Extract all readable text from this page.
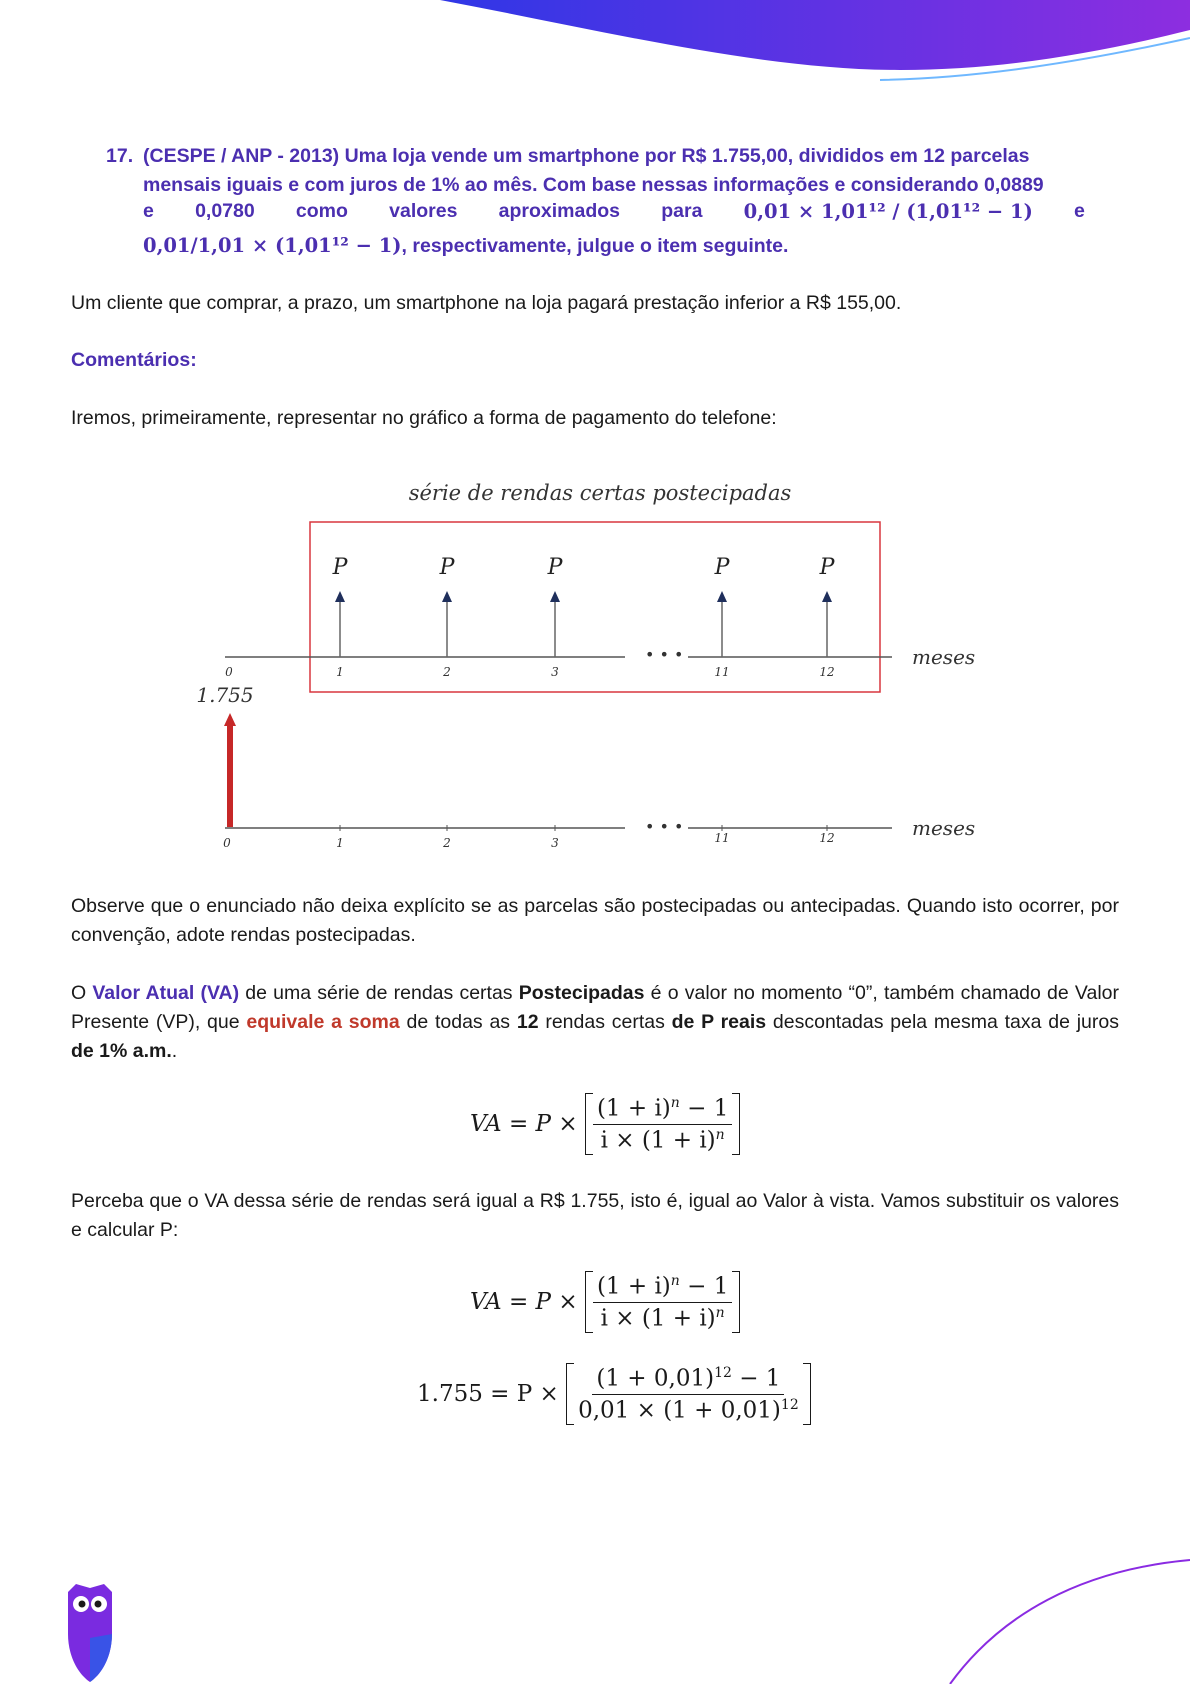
17. (CESPE / ANP - 2013) Uma loja vende um smartphone por R$ 1.755,00, divididos em 12 parcelas
mensais iguais e com juros de 1% ao mês. Com base nessas informações e considerando 0,0889
e 0,0780 como valores aproximados para 0,01 × 1,01¹² / (1,01¹² − 1) e
0,01/1,01 × (1,01¹² − 1), respectivamente, julgue o item seguinte.
Um cliente que comprar, a prazo, um smartphone na loja pagará prestação inferior a R$ 155,00.
Comentários:
Iremos, primeiramente, representar no gráfico a forma de pagamento do telefone:
série de rendas certas postecipadas
• • •	meses
P	P	P	P	P
0	1	2	3	11	12
1.755
• • •	meses
0	1	2	3	11	12
Observe que o enunciado não deixa explícito se as parcelas são postecipadas ou antecipadas. Quando isto ocorrer, por convenção, adote rendas postecipadas.
O Valor Atual (VA) de uma série de rendas certas Postecipadas é o valor no momento “0”, também chamado de Valor Presente (VP), que equivale a soma de todas as 12 rendas certas de P reais descontadas pela mesma taxa de juros de 1% a.m..
VA = $P \times \frac{(1 + i)^n - 1}{i \times (1 + i)^n}$
Perceba que o VA dessa série de rendas será igual a R$ 1.755, isto é, igual ao Valor à vista. Vamos substituir os valores e calcular P:
VA = $P \times \frac{(1 + i)^n - 1}{i \times (1 + i)^n}$
$1.755 = P \times \frac{(1 + 0,01)^{12} - 1}{0,01 \times (1 + 0,01)^{12}}$
